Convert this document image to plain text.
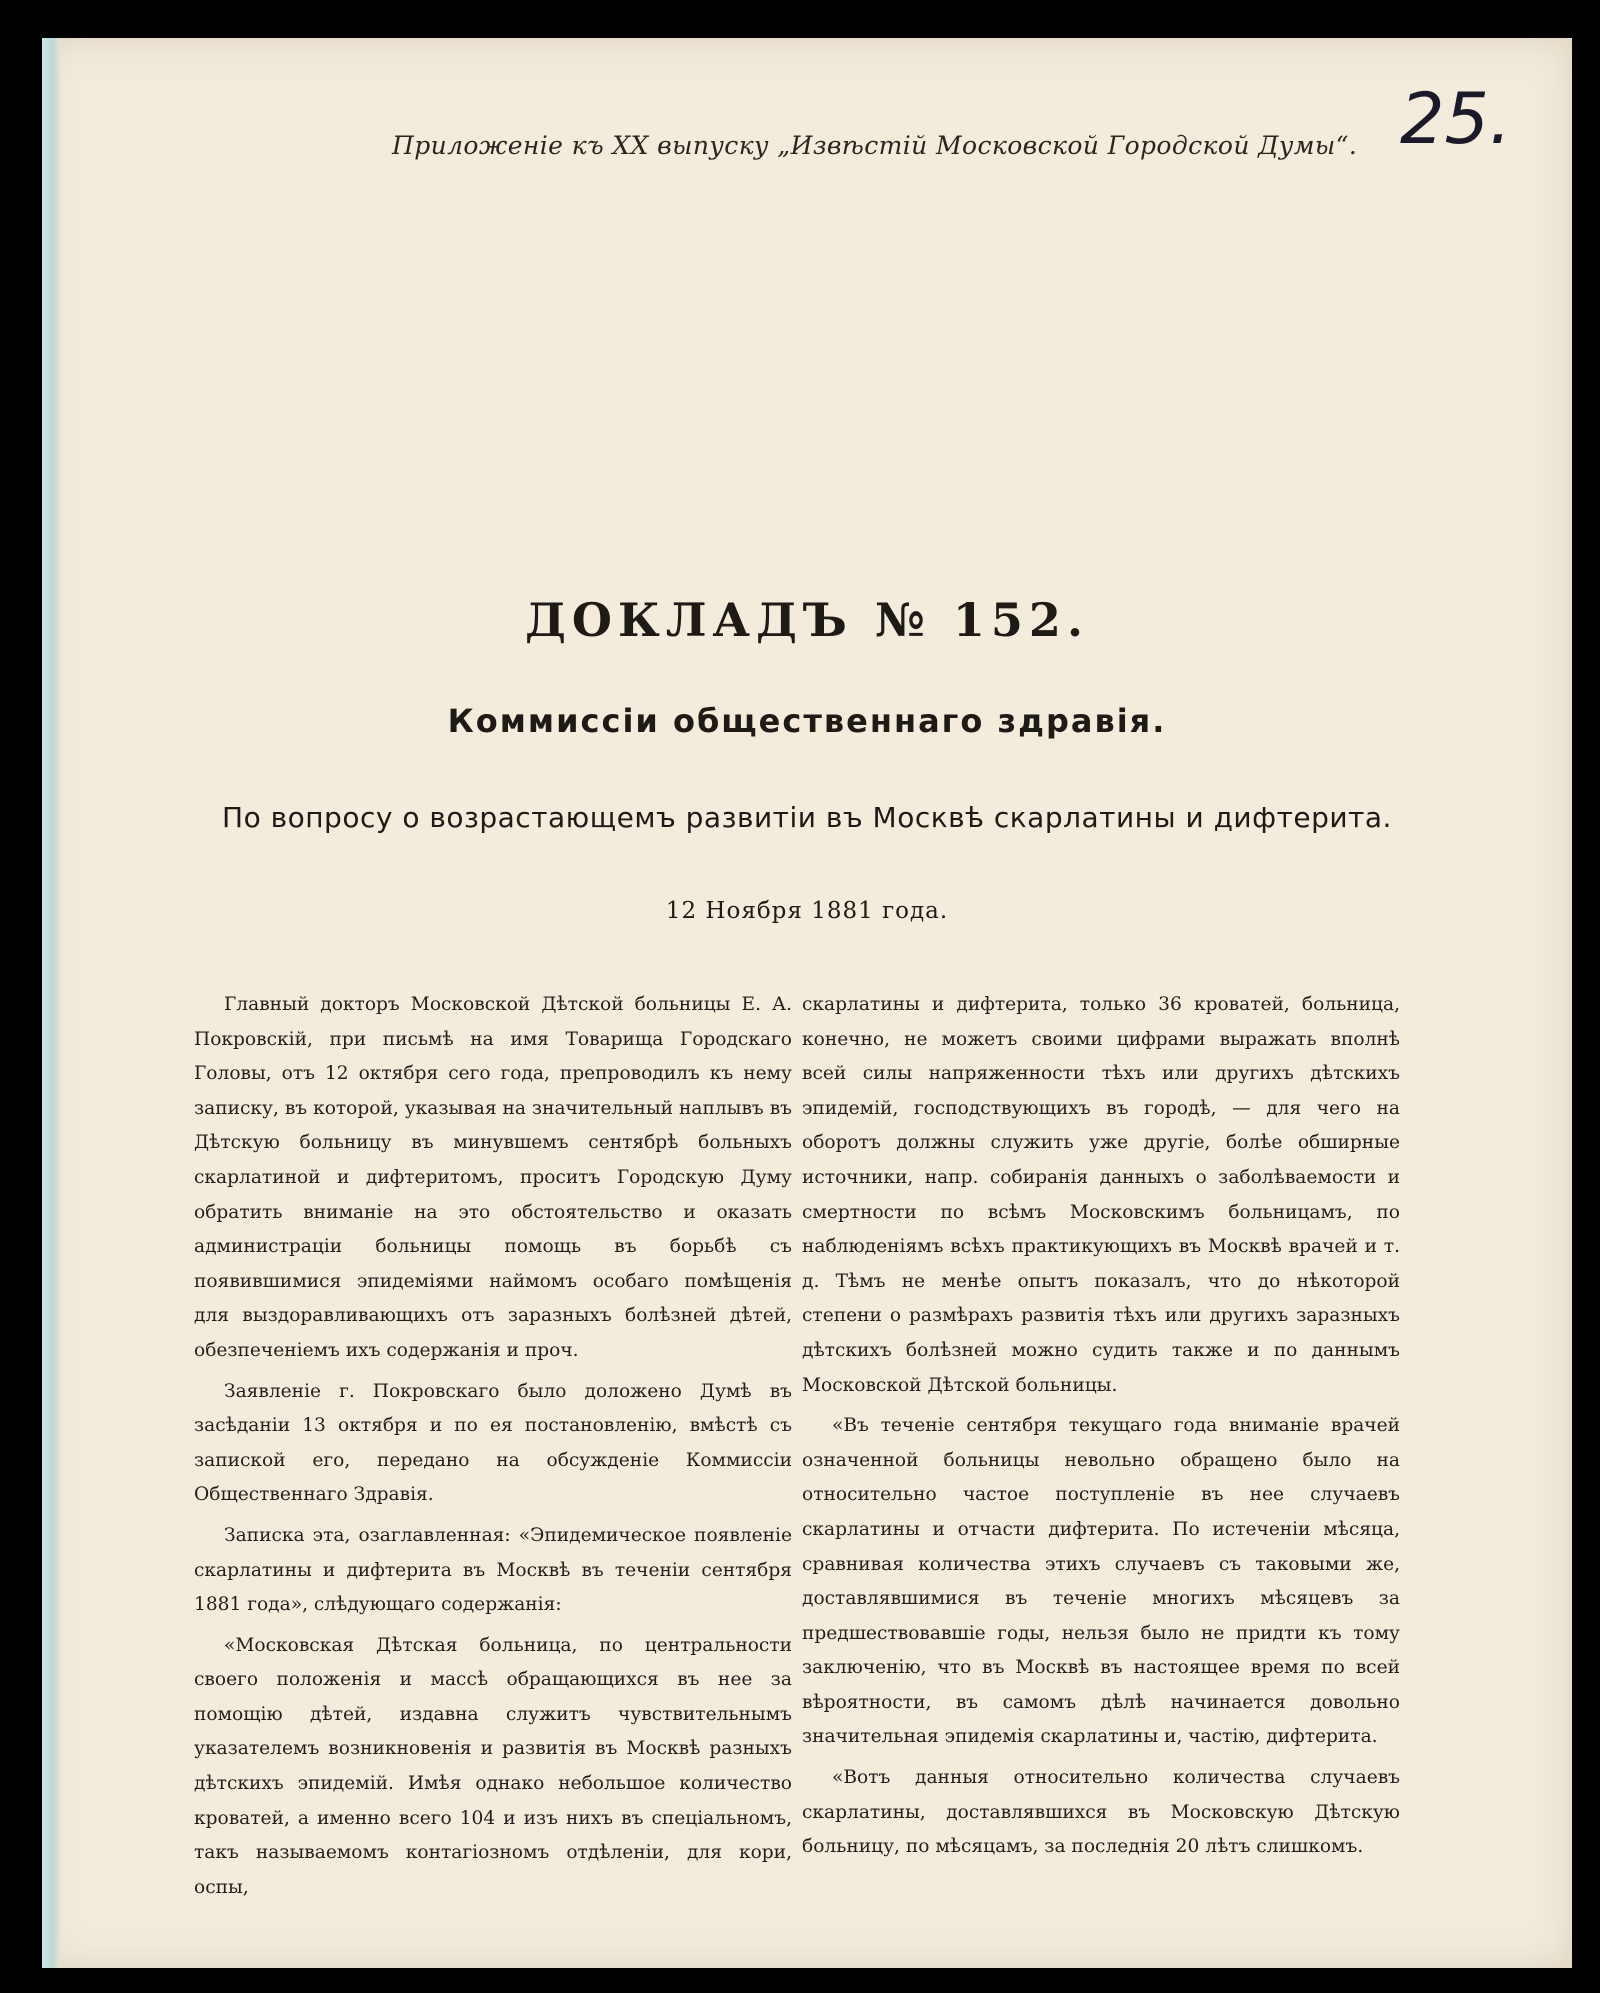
Приложенiе къ XX выпуску „Извѣстiй Московской Городской Думы“. 25.
ДОКЛАДЪ № 152.
Коммиссiи общественнаго здравiя.
По вопросу о возрастающемъ развитiи въ Москвѣ скарлатины и дифтерита.
12 Ноября 1881 года.

Главный докторъ Московской Дѣтской больницы Е. А. Покровскiй, при письмѣ на имя Товарища Городскаго Головы, отъ 12 октября сего года, препроводилъ къ нему записку, въ которой, указывая на значительный наплывъ въ Дѣтскую больницу въ минувшемъ сентябрѣ больныхъ скарлатиной и дифтеритомъ, проситъ Городскую Думу обратить вниманiе на это обстоятельство и оказать администрацiи больницы помощь въ борьбѣ съ появившимися эпидемiями наймомъ особаго помѣщенiя для выздоравливающихъ отъ заразныхъ болѣзней дѣтей, обезпеченiемъ ихъ содержанiя и проч.

Заявленiе г. Покровскаго было доложено Думѣ въ засѣданiи 13 октября и по ея постановленiю, вмѣстѣ съ запиской его, передано на обсужденiе Коммиссiи Общественнаго Здравiя.

Записка эта, озаглавленная: «Эпидемическое появленiе скарлатины и дифтерита въ Москвѣ въ теченiи сентября 1881 года», слѣдующаго содержанiя:

«Московская Дѣтская больница, по центральности своего положенiя и массѣ обращающихся въ нее за помощiю дѣтей, издавна служитъ чувствительнымъ указателемъ возникновенiя и развитiя въ Москвѣ разныхъ дѣтскихъ эпидемiй. Имѣя однако небольшое количество кроватей, а именно всего 104 и изъ нихъ въ спецiальномъ, такъ называемомъ контагiозномъ отдѣленiи, для кори, оспы,

скарлатины и дифтерита, только 36 кроватей, больница, конечно, не можетъ своими цифрами выражать вполнѣ всей силы напряженности тѣхъ или другихъ дѣтскихъ эпидемiй, господствующихъ въ городѣ, — для чего на оборотъ должны служить уже другiе, болѣе обширные источники, напр. собиранiя данныхъ о заболѣваемости и смертности по всѣмъ Московскимъ больницамъ, по наблюденiямъ всѣхъ практикующихъ въ Москвѣ врачей и т. д. Тѣмъ не менѣе опытъ показалъ, что до нѣкоторой степени о размѣрахъ развитiя тѣхъ или другихъ заразныхъ дѣтскихъ болѣзней можно судить также и по даннымъ Московской Дѣтской больницы.

«Въ теченiе сентября текущаго года вниманiе врачей означенной больницы невольно обращено было на относительно частое поступленiе въ нее случаевъ скарлатины и отчасти дифтерита. По истеченiи мѣсяца, сравнивая количества этихъ случаевъ съ таковыми же, доставлявшимися въ теченiе многихъ мѣсяцевъ за предшествовавшiе годы, нельзя было не придти къ тому заключенiю, что въ Москвѣ въ настоящее время по всей вѣроятности, въ самомъ дѣлѣ начинается довольно значительная эпидемiя скарлатины и, частiю, дифтерита.

«Вотъ данныя относительно количества случаевъ скарлатины, доставлявшихся въ Московскую Дѣтскую больницу, по мѣсяцамъ, за последнiя 20 лѣтъ слишкомъ.
